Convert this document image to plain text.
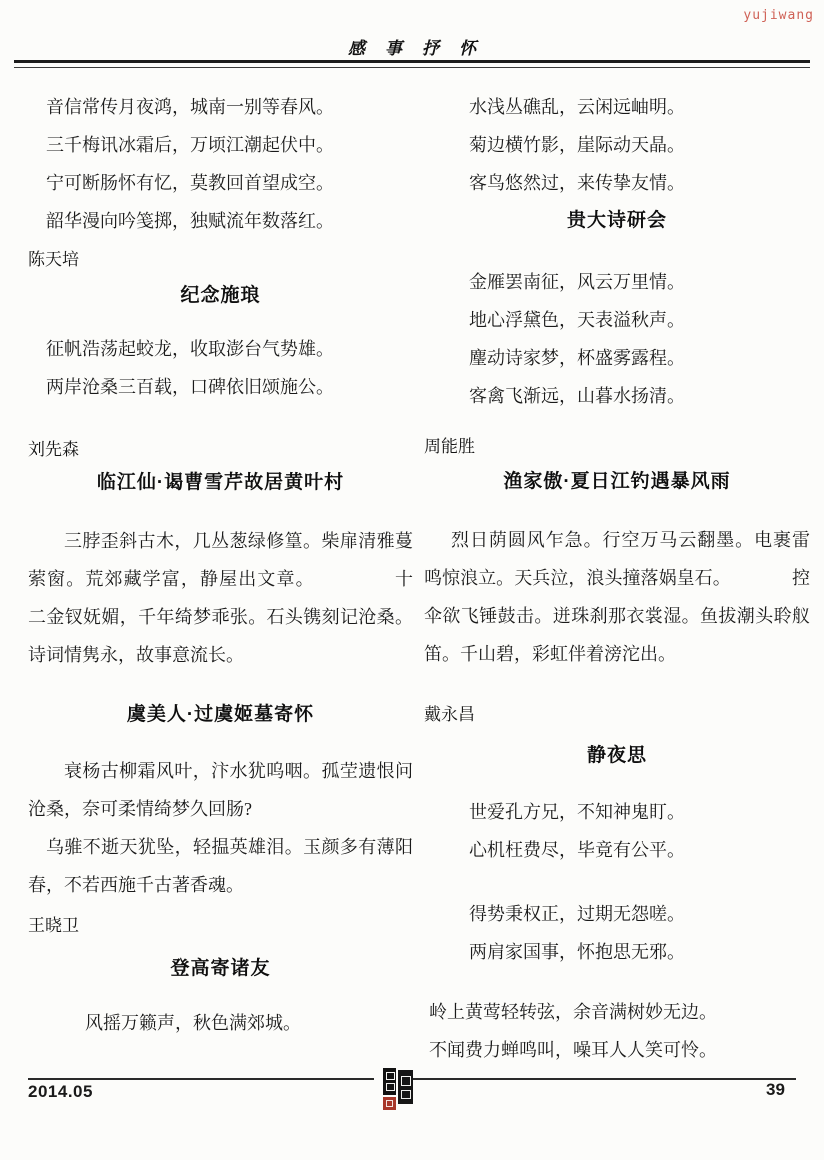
yujiwang
感事抒怀
音信常传月夜鸿，城南一别等春风。
三千梅讯冰霜后，万顷江潮起伏中。
宁可断肠怀有忆，莫教回首望成空。
韶华漫向吟笺掷，独赋流年数落红。
陈天培
纪念施琅
征帆浩荡起蛟龙，收取澎台气势雄。
两岸沧桑三百载，口碑依旧颂施公。
刘先森
临江仙·谒曹雪芹故居黄叶村

三脖歪斜古木，几丛葱绿修篁。柴扉清雅蔓萦窗。荒郊藏学富，静屋出文章。	十二金钗妩媚，千年绮梦乖张。石头镌刻记沧桑。诗词情隽永，故事意流长。

虞美人·过虞姬墓寄怀

衰杨古柳霜风叶，汴水犹呜咽。孤茔遗恨问沧桑，奈可柔情绮梦久回肠?

乌骓不逝天犹坠，轻揾英雄泪。玉颜多有薄阳春，不若西施千古著香魂。

王晓卫
登高寄诸友
风摇万籁声，秋色满郊城。
水浅丛礁乱，云闲远岫明。
菊边横竹影，崖际动天晶。
客鸟悠然过，来传挚友情。
贵大诗研会
金雁罢南征，风云万里情。
地心浮黛色，天表溢秋声。
麈动诗家梦，杯盛雾露程。
客禽飞渐远，山暮水扬清。
周能胜
渔家傲·夏日江钓遇暴风雨

烈日荫圆风乍急。行空万马云翻墨。电裹雷鸣惊浪立。天兵泣，浪头撞落娲皇石。	控伞欲飞锤鼓击。迸珠刹那衣裳湿。鱼拔潮头聆舣笛。千山碧，彩虹伴着滂沱出。

戴永昌
静夜思
世爱孔方兄，不知神鬼盯。
心机枉费尽，毕竟有公平。
得势秉权正，过期无怨嗟。
两肩家国事，怀抱思无邪。
岭上黄莺轻转弦，余音满树妙无边。
不闻费力蝉鸣叫，噪耳人人笑可怜。
2014.05	39
